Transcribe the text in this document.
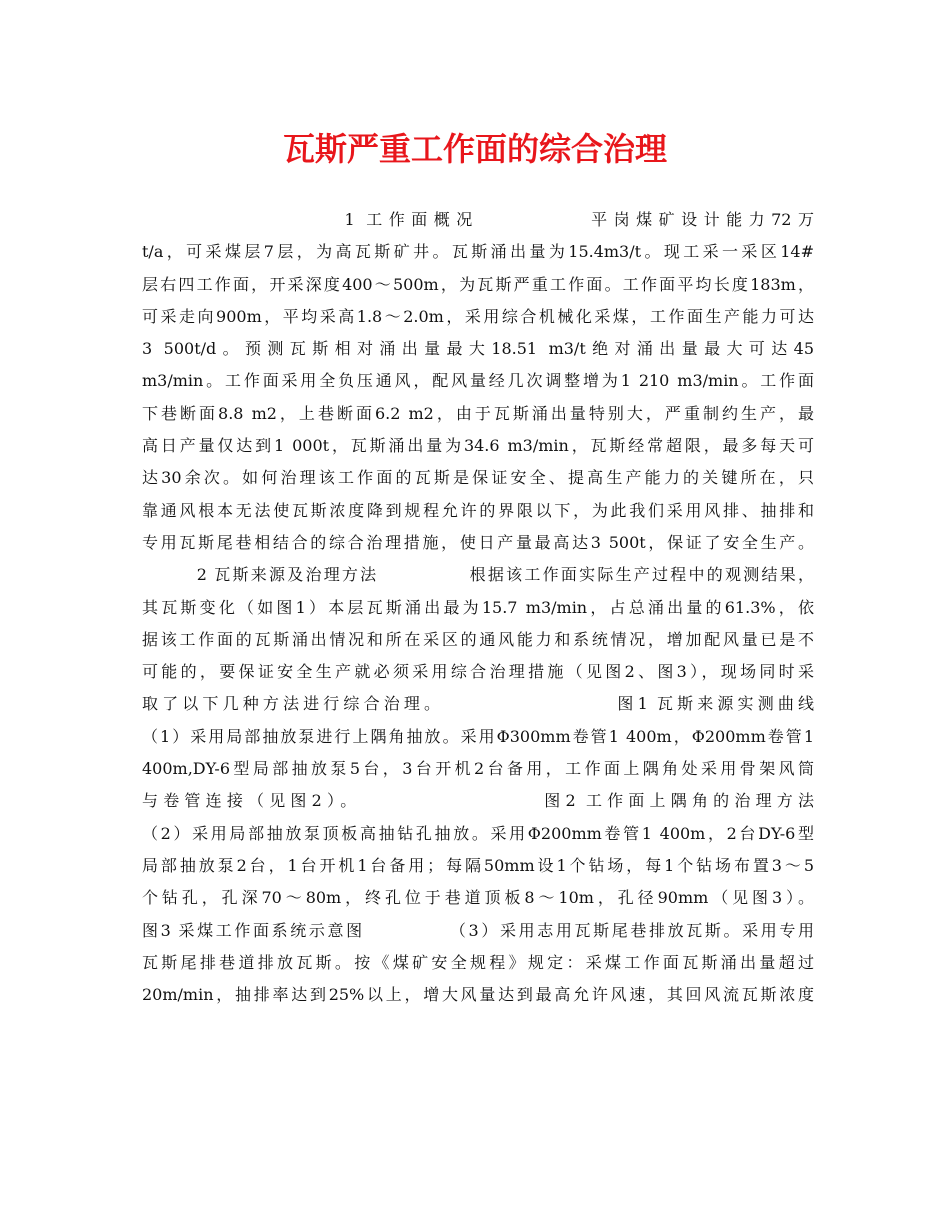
瓦斯严重工作面的综合治理
　　　　　　　　　1 工作面概况　　　　　平岗煤矿设计能力72万
t/a，可采煤层7层，为高瓦斯矿井。瓦斯涌出量为15.4m3/t。现工采一采区14#
层右四工作面，开采深度400～500m，为瓦斯严重工作面。工作面平均长度183m，
可采走向900m，平均采高1.8～2.0m，采用综合机械化采煤，工作面生产能力可达
3 500t/d。预测瓦斯相对涌出量最大18.51 m3/t绝对涌出量最大可达45
m3/min。工作面采用全负压通风，配风量经几次调整增为1 210 m3/min。工作面
下巷断面8.8 m2，上巷断面6.2 m2，由于瓦斯涌出量特别大，严重制约生产，最
高日产量仅达到1 000t，瓦斯涌出量为34.6 m3/min，瓦斯经常超限，最多每天可
达30余次。如何治理该工作面的瓦斯是保证安全、提高生产能力的关键所在，只
靠通风根本无法使瓦斯浓度降到规程允许的界限以下，为此我们采用风排、抽排和
专用瓦斯尾巷相结合的综合治理措施，使日产量最高达3 500t，保证了安全生产。
　　　2 瓦斯来源及治理方法　　　　　根据该工作面实际生产过程中的观测结果，
其瓦斯变化（如图1）本层瓦斯涌出最为15.7 m3/min，占总涌出量的61.3%，依
据该工作面的瓦斯涌出情况和所在采区的通风能力和系统情况，增加配风量已是不
可能的，要保证安全生产就必须采用综合治理措施（见图2、图3），现场同时采
取了以下几种方法进行综合治理。　　　　　　　　　图1 瓦斯来源实测曲线
（1）采用局部抽放泵进行上隅角抽放。采用Φ300mm卷管1 400m，Φ200mm卷管1
400m,DY-6型局部抽放泵5台，3台开机2台备用，工作面上隅角处采用骨架风筒
与卷管连接（见图2）。　　　　　　　　　图2 工作面上隅角的治理方法
（2）采用局部抽放泵顶板高抽钻孔抽放。采用Φ200mm卷管1 400m，2台DY-6型
局部抽放泵2台，1台开机1台备用；每隔50mm设1个钻场，每1个钻场布置3～5
个钻孔，孔深70～80m，终孔位于巷道顶板8～10m，孔径90mm（见图3）。
图3 采煤工作面系统示意图　　　　　（3）采用志用瓦斯尾巷排放瓦斯。采用专用
瓦斯尾排巷道排放瓦斯。按《煤矿安全规程》规定：采煤工作面瓦斯涌出量超过
20m/min，抽排率达到25%以上，增大风量达到最高允许风速，其回风流瓦斯浓度
